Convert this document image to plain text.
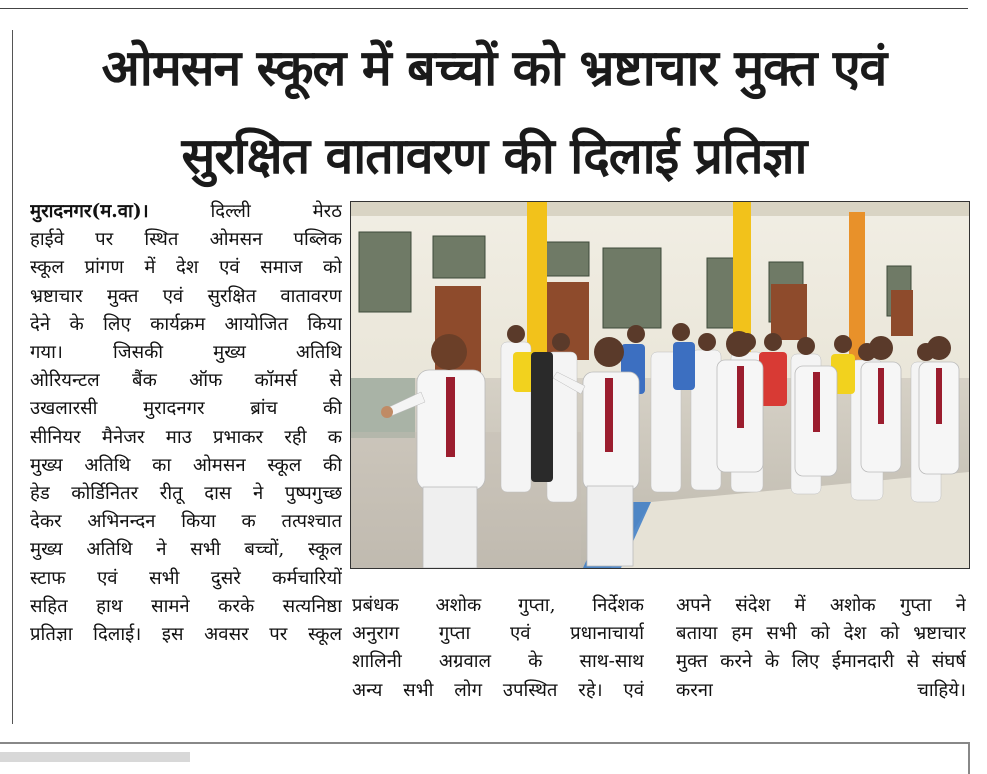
ओमसन स्कूल में बच्चों को भ्रष्टाचार मुक्त एवं
सुरक्षित वातावरण की दिलाई प्रतिज्ञा
मुरादनगर(म.वा)। दिल्ली मेरठ
हाईवे पर स्थित ओमसन पब्लिक
स्कूल प्रांगण में देश एवं समाज को
भ्रष्टाचार मुक्त एवं सुरक्षित वातावरण
देने के लिए कार्यक्रम आयोजित किया
गया। जिसकी मुख्य अतिथि
ओरियन्टल बैंक ऑफ कॉमर्स से
उखलारसी मुरादनगर ब्रांच की
सीनियर मैनेजर माउ प्रभाकर रही क
मुख्य अतिथि का ओमसन स्कूल की
हेड कोर्डिनितर रीतू दास ने पुष्पगुच्छ
देकर अभिनन्दन किया क तत्पश्चात
मुख्य अतिथि ने सभी बच्चों, स्कूल
स्टाफ एवं सभी दुसरे कर्मचारियों
सहित हाथ सामने करके सत्यनिष्ठा
प्रतिज्ञा दिलाई। इस अवसर पर स्कूल
प्रबंधक अशोक गुप्ता, निर्देशक
अनुराग गुप्ता एवं प्रधानाचार्या
शालिनी अग्रवाल के साथ-साथ
अन्य सभी लोग उपस्थित रहे। एवं
अपने संदेश में अशोक गुप्ता ने
बताया हम सभी को देश को भ्रष्टाचार
मुक्त करने के लिए ईमानदारी से संघर्ष
करना चाहिये।
